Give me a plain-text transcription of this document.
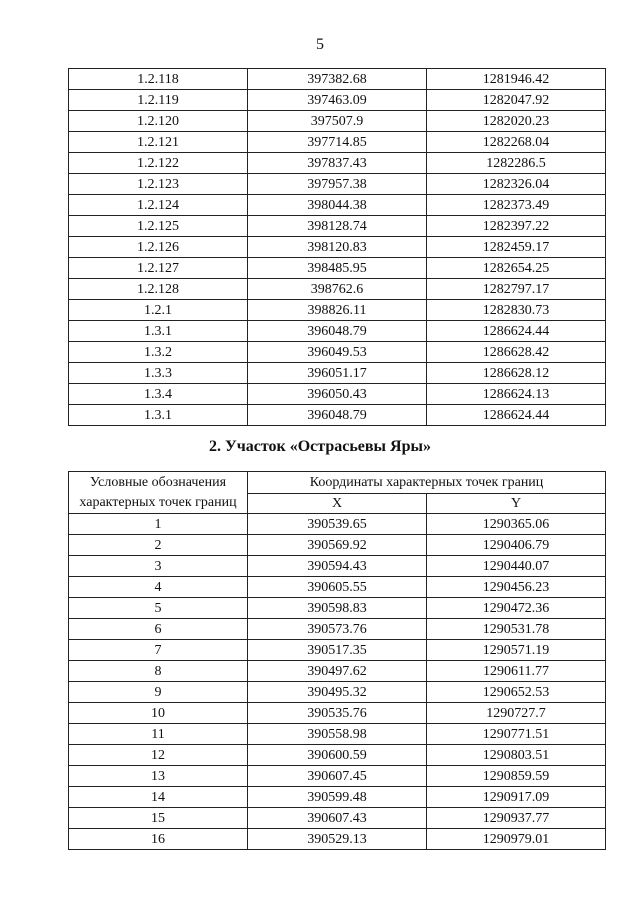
5
1.2.118	397382.68	1281946.42
1.2.119	397463.09	1282047.92
1.2.120	397507.9	1282020.23
1.2.121	397714.85	1282268.04
1.2.122	397837.43	1282286.5
1.2.123	397957.38	1282326.04
1.2.124	398044.38	1282373.49
1.2.125	398128.74	1282397.22
1.2.126	398120.83	1282459.17
1.2.127	398485.95	1282654.25
1.2.128	398762.6	1282797.17
1.2.1	398826.11	1282830.73
1.3.1	396048.79	1286624.44
1.3.2	396049.53	1286628.42
1.3.3	396051.17	1286628.12
1.3.4	396050.43	1286624.13
1.3.1	396048.79	1286624.44
2. Участок «Острасьевы Яры»
Условные обозначения характерных точек границ	Координаты характерных точек границ	
	X	Y
1	390539.65	1290365.06
2	390569.92	1290406.79
3	390594.43	1290440.07
4	390605.55	1290456.23
5	390598.83	1290472.36
6	390573.76	1290531.78
7	390517.35	1290571.19
8	390497.62	1290611.77
9	390495.32	1290652.53
10	390535.76	1290727.7
11	390558.98	1290771.51
12	390600.59	1290803.51
13	390607.45	1290859.59
14	390599.48	1290917.09
15	390607.43	1290937.77
16	390529.13	1290979.01
